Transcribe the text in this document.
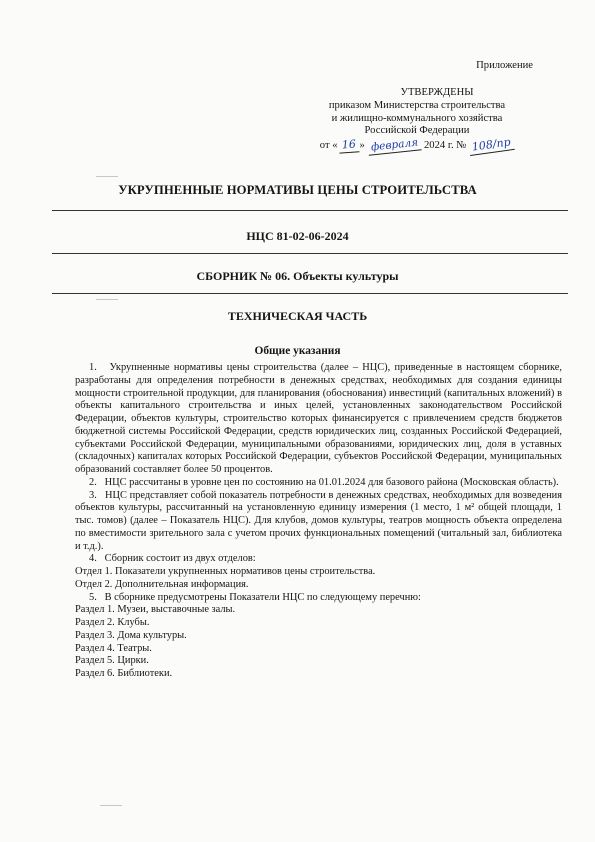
Приложение
УТВЕРЖДЕНЫ
приказом Министерства строительства
и жилищно-коммунального хозяйства
Российской Федерации
от « 16 » февраля 2024 г. № 108/пр
УКРУПНЕННЫЕ НОРМАТИВЫ ЦЕНЫ СТРОИТЕЛЬСТВА
НЦС 81-02-06-2024
СБОРНИК № 06. Объекты культуры
ТЕХНИЧЕСКАЯ ЧАСТЬ
Общие указания

1.   Укрупненные нормативы цены строительства (далее – НЦС), приведенные в настоящем сборнике, разработаны для определения потребности в денежных средствах, необходимых для создания единицы мощности строительной продукции, для планирования (обоснования) инвестиций (капитальных вложений) в объекты капитального строительства и иных целей, установленных законодательством Российской Федерации, объектов культуры, строительство которых финансируется с привлечением средств бюджетов бюджетной системы Российской Федерации, средств юридических лиц, созданных Российской Федерацией, субъектами Российской Федерации, муниципальными образованиями, юридических лиц, доля в уставных (складочных) капиталах которых Российской Федерации, субъектов Российской Федерации, муниципальных образований составляет более 50 процентов.

2.   НЦС рассчитаны в уровне цен по состоянию на 01.01.2024 для базового района (Московская область).

3.   НЦС представляет собой показатель потребности в денежных средствах, необходимых для возведения объектов культуры, рассчитанный на установленную единицу измерения (1 место, 1 м² общей площади, 1 тыс. томов) (далее – Показатель НЦС). Для клубов, домов культуры, театров мощность объекта определена по вместимости зрительного зала с учетом прочих функциональных помещений (читальный зал, библиотека и т.д.).

4.   Сборник состоит из двух отделов:

Отдел 1. Показатели укрупненных нормативов цены строительства.

Отдел 2. Дополнительная информация.

5.   В сборнике предусмотрены Показатели НЦС по следующему перечню:

Раздел 1. Музеи, выставочные залы.

Раздел 2. Клубы.

Раздел 3. Дома культуры.

Раздел 4. Театры.

Раздел 5. Цирки.

Раздел 6. Библиотеки.
